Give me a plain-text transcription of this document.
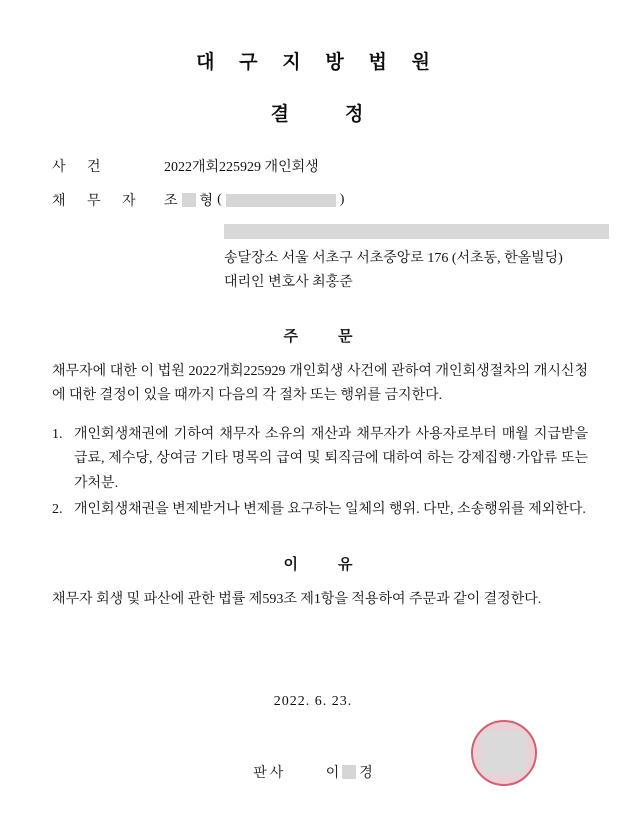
대 구 지 방 법 원
결	정
사 건	2022개회225929 개인회생
채 무 자	조 형 (	)
송달장소 서울 서초구 서초중앙로 176 (서초동, 한올빌딩)
대리인 변호사 최홍준
주	문
채무자에 대한 이 법원 2022개회225929 개인회생 사건에 관하여 개인회생절차의 개시신청에 대한 결정이 있을 때까지 다음의 각 절차 또는 행위를 금지한다.
1. 개인회생채권에 기하여 채무자 소유의 재산과 채무자가 사용자로부터 매월 지급받을 급료, 제수당, 상여금 기타 명목의 급여 및 퇴직금에 대하여 하는 강제집행·가압류 또는 가처분.
2. 개인회생채권을 변제받거나 변제를 요구하는 일체의 행위. 다만, 소송행위를 제외한다.
이	유
채무자 회생 및 파산에 관한 법률 제593조 제1항을 적용하여 주문과 같이 결정한다.
2022. 6. 23.
판사	이 경
